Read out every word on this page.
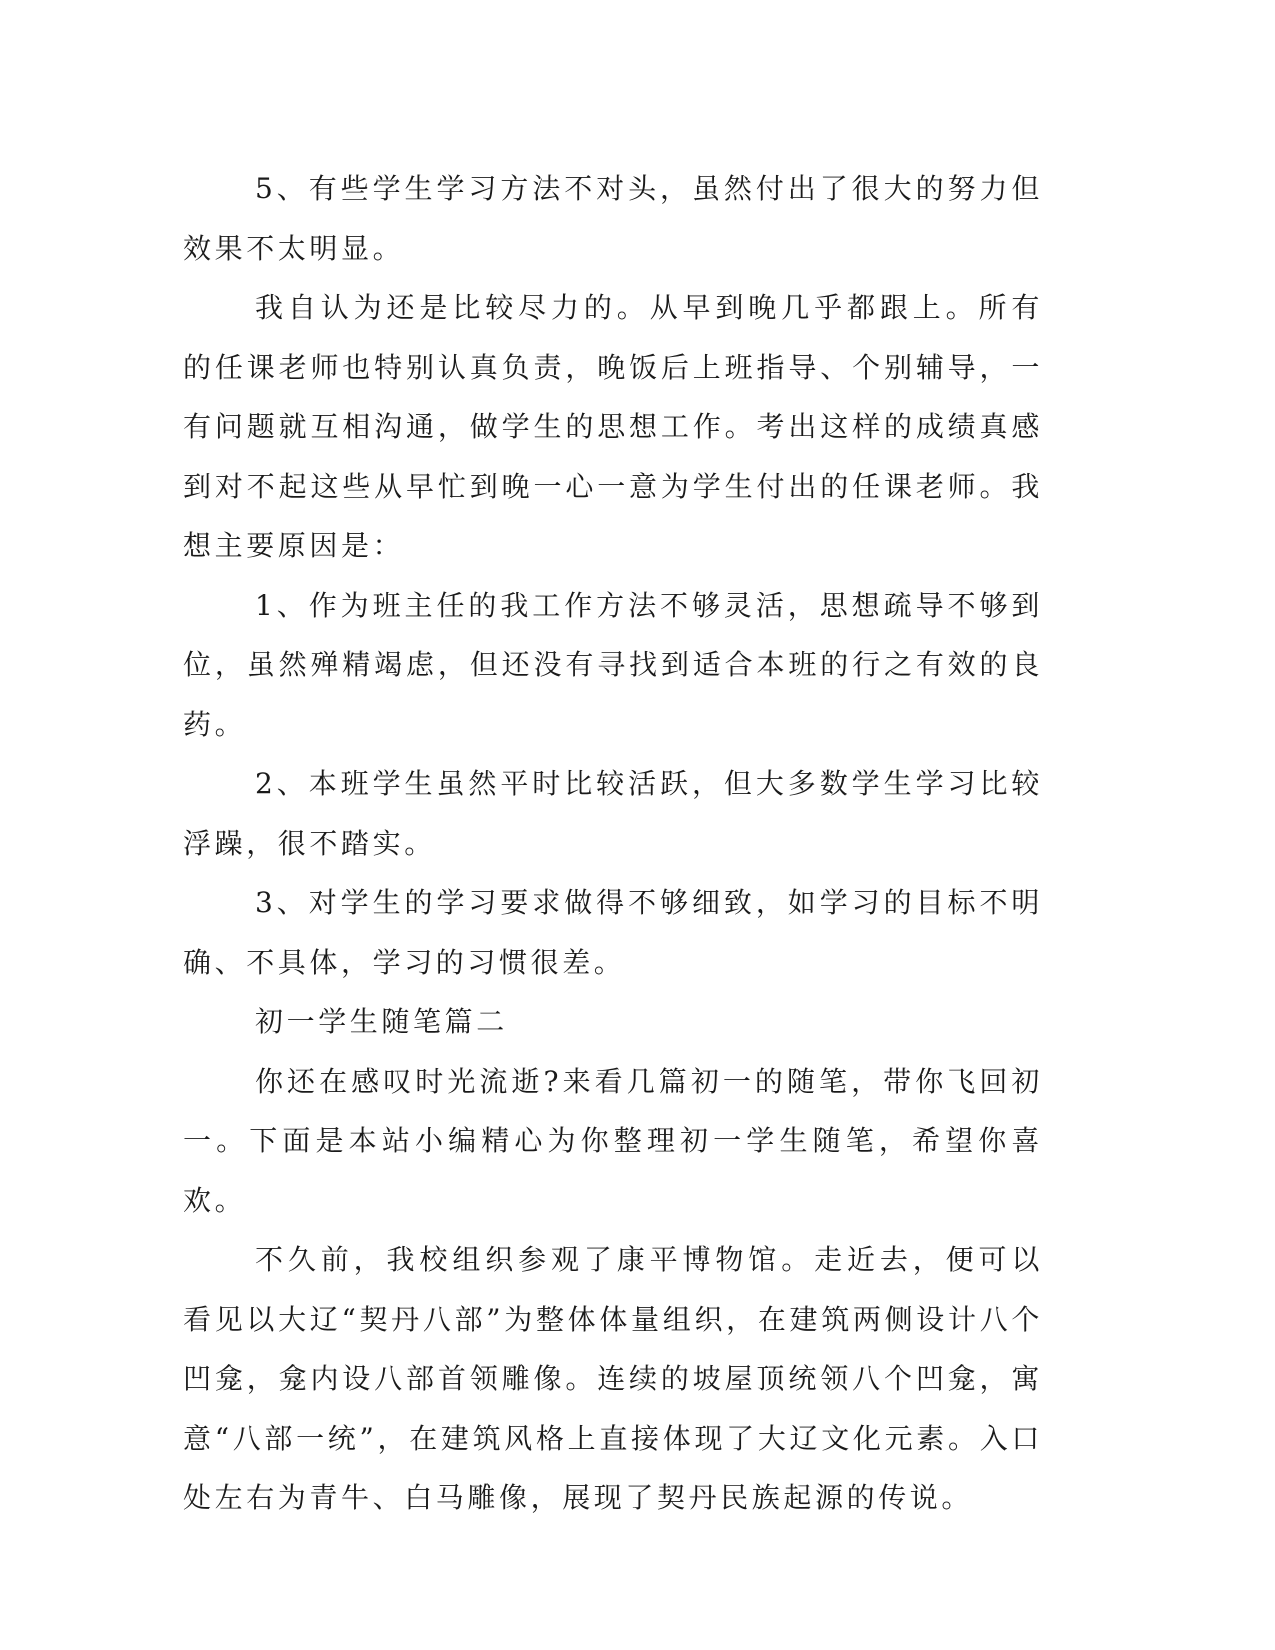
5、有些学生学习方法不对头，虽然付出了很大的努力但效果不太明显。

我自认为还是比较尽力的。从早到晚几乎都跟上。所有的任课老师也特别认真负责，晚饭后上班指导、个别辅导，一有问题就互相沟通，做学生的思想工作。考出这样的成绩真感到对不起这些从早忙到晚一心一意为学生付出的任课老师。我想主要原因是：

1、作为班主任的我工作方法不够灵活，思想疏导不够到位，虽然殚精竭虑，但还没有寻找到适合本班的行之有效的良药。

2、本班学生虽然平时比较活跃，但大多数学生学习比较浮躁，很不踏实。

3、对学生的学习要求做得不够细致，如学习的目标不明确、不具体，学习的习惯很差。

初一学生随笔篇二

你还在感叹时光流逝?来看几篇初一的随笔，带你飞回初一。下面是本站小编精心为你整理初一学生随笔，希望你喜欢。

不久前，我校组织参观了康平博物馆。走近去，便可以看见以大辽“契丹八部”为整体体量组织，在建筑两侧设计八个凹龛，龛内设八部首领雕像。连续的坡屋顶统领八个凹龛，寓意“八部一统”，在建筑风格上直接体现了大辽文化元素。入口处左右为青牛、白马雕像，展现了契丹民族起源的传说。
